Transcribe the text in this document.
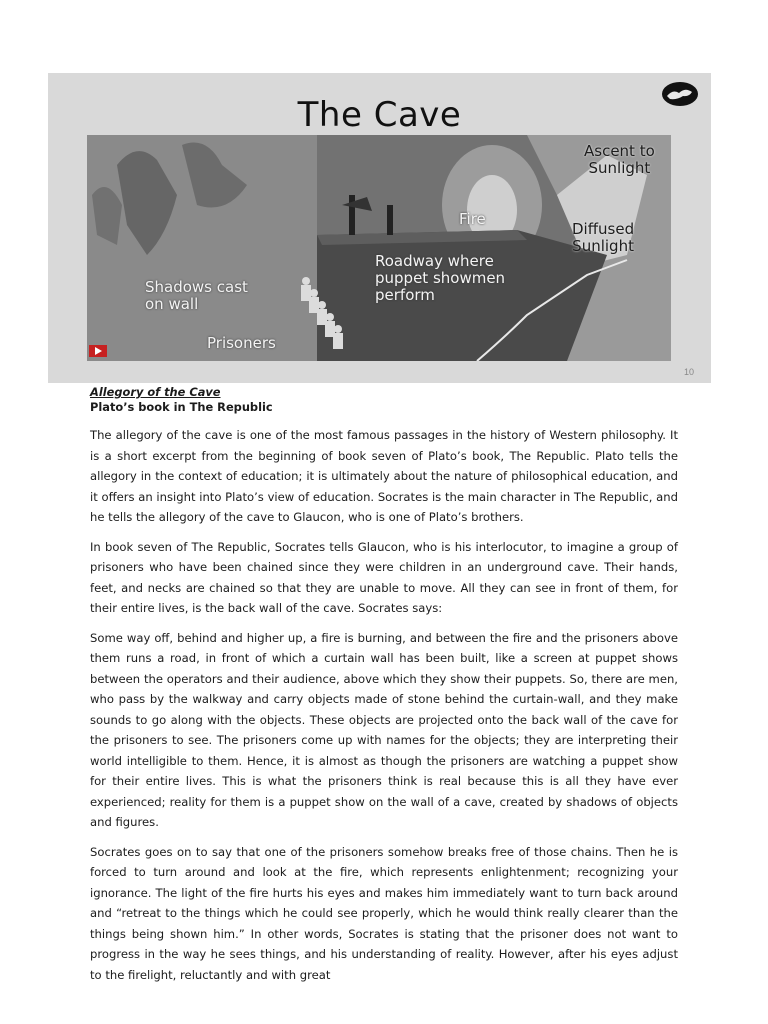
The Cave
Ascent to
Sunlight
Fire
Diffused
Sunlight
Roadway where
puppet showmen
perform
Shadows cast
on wall
Prisoners
10
Allegory of the Cave
Plato’s book in The Republic

The allegory of the cave is one of the most famous passages in the history of Western philosophy. It is a short excerpt from the beginning of book seven of Plato’s book, The Republic. Plato tells the allegory in the context of education; it is ultimately about the nature of philosophical education, and it offers an insight into Plato’s view of education. Socrates is the main character in The Republic, and he tells the allegory of the cave to Glaucon, who is one of Plato’s brothers.

In book seven of The Republic, Socrates tells Glaucon, who is his interlocutor, to imagine a group of prisoners who have been chained since they were children in an underground cave. Their hands, feet, and necks are chained so that they are unable to move. All they can see in front of them, for their entire lives, is the back wall of the cave. Socrates says:

Some way off, behind and higher up, a fire is burning, and between the fire and the prisoners above them runs a road, in front of which a curtain wall has been built, like a screen at puppet shows between the operators and their audience, above which they show their puppets. So, there are men, who pass by the walkway and carry objects made of stone behind the curtain-wall, and they make sounds to go along with the objects. These objects are projected onto the back wall of the cave for the prisoners to see. The prisoners come up with names for the objects; they are interpreting their world intelligible to them. Hence, it is almost as though the prisoners are watching a puppet show for their entire lives. This is what the prisoners think is real because this is all they have ever experienced; reality for them is a puppet show on the wall of a cave, created by shadows of objects and figures.

Socrates goes on to say that one of the prisoners somehow breaks free of those chains. Then he is forced to turn around and look at the fire, which represents enlightenment; recognizing your ignorance. The light of the fire hurts his eyes and makes him immediately want to turn back around and “retreat to the things which he could see properly, which he would think really clearer than the things being shown him.” In other words, Socrates is stating that the prisoner does not want to progress in the way he sees things, and his understanding of reality. However, after his eyes adjust to the firelight, reluctantly and with great
